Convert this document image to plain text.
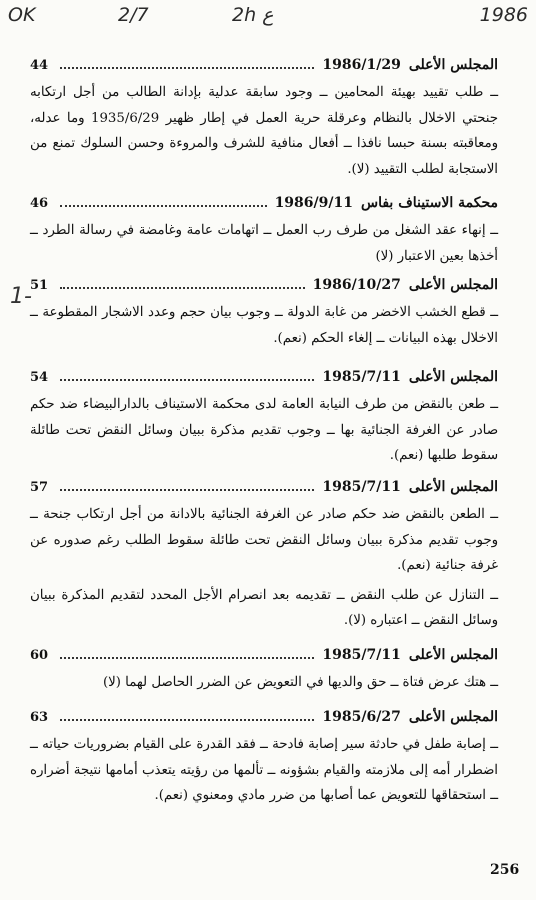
OK	2/7	2h ع	1986
1-
44	1986/1/29 المجلس الأعلى
ــ طلب تقييد بهيئة المحامين ــ وجود سابقة عدلية بإدانة الطالب من أجل ارتكابه جنحتي الاخلال بالنظام وعرقلة حرية العمل في إطار ظهير 1935/6/29 وما عدله، ومعاقبته بسنة حبسا نافذا ــ أفعال منافية للشرف والمروءة وحسن السلوك تمنع من الاستجابة لطلب التقييد (لا).
46	1986/9/11 محكمة الاستيناف بفاس
ــ إنهاء عقد الشغل من طرف رب العمل ــ اتهامات عامة وغامضة في رسالة الطرد ــ أخذها بعين الاعتبار (لا)
51	1986/10/27 المجلس الأعلى
ــ قطع الخشب الاخضر من غابة الدولة ــ وجوب بيان حجم وعدد الاشجار المقطوعة ــ الاخلال بهذه البيانات ــ إلغاء الحكم (نعم).
54	1985/7/11 المجلس الأعلى
ــ طعن بالنقض من طرف النيابة العامة لدى محكمة الاستيناف بالدارالبيضاء ضد حكم صادر عن الغرفة الجنائية بها ــ وجوب تقديم مذكرة ببيان وسائل النقض تحت طائلة سقوط طلبها (نعم).
57	1985/7/11 المجلس الأعلى
ــ الطعن بالنقض ضد حكم صادر عن الغرفة الجنائية بالادانة من أجل ارتكاب جنحة ــ وجوب تقديم مذكرة ببيان وسائل النقض تحت طائلة سقوط الطلب رغم صدوره عن غرفة جنائية (نعم).
ــ التنازل عن طلب النقض ــ تقديمه بعد انصرام الأجل المحدد لتقديم المذكرة ببيان وسائل النقض ــ اعتباره (لا).
60	1985/7/11 المجلس الأعلى
ــ هتك عرض فتاة ــ حق والديها في التعويض عن الضرر الحاصل لهما (لا)
63	1985/6/27 المجلس الأعلى
ــ إصابة طفل في حادثة سير إصابة فادحة ــ فقد القدرة على القيام بضروريات حياته ــ اضطرار أمه إلى ملازمته والقيام بشؤونه ــ تألمها من رؤيته يتعذب أمامها نتيجة أضراره ــ استحقاقها للتعويض عما أصابها من ضرر مادي ومعنوي (نعم).
256
